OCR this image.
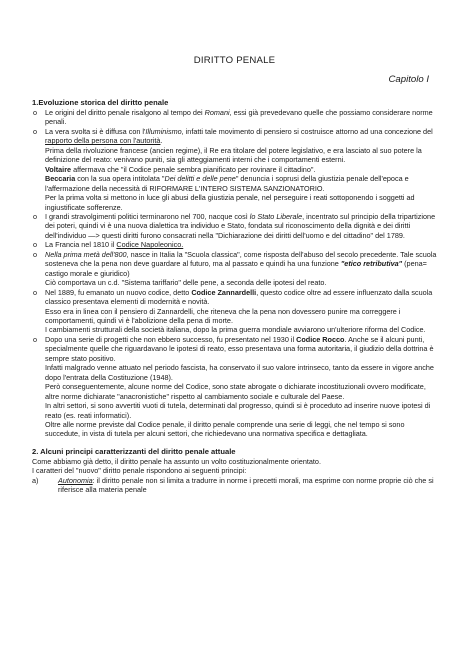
DIRITTO PENALE
Capitolo I
1.Evoluzione storica del diritto penale
o Le origini del diritto penale risalgono al tempo dei Romani, essi già prevedevano quelle che possiamo considerare norme penali.
o La vera svolta si è diffusa con l'Illuminismo, infatti tale movimento di pensiero si costruisce attorno ad una concezione del rapporto della persona con l'autorità.
Prima della rivoluzione francese (ancien regime), il Re era titolare del potere legislativo, e era lasciato al suo potere la definizione del reato: venivano puniti, sia gli atteggiamenti interni che i comportamenti esterni.
Voltaire affermava che "il Codice penale sembra pianificato per rovinare il cittadino".
Beccaria con la sua opera intitolata "Dei delitti e delle pene" denuncia i soprusi della giustizia penale dell'epoca e l'affermazione della necessità di RIFORMARE L'INTERO SISTEMA SANZIONATORIO.
Per la prima volta si mettono in luce gli abusi della giustizia penale, nel perseguire i reati sottoponendo i soggetti ad ingiustificate sofferenze.
o I grandi stravolgimenti politici terminarono nel 700, nacque così lo Stato Liberale, incentrato sul principio della tripartizione dei poteri, quindi vi è una nuova dialettica tra individuo e Stato, fondata sul riconoscimento della dignità e dei diritti dell'individuo —> questi diritti furono consacrati nella "Dichiarazione dei diritti dell'uomo e del cittadino" del 1789.
o La Francia nel 1810 il Codice Napoleonico.
o Nella prima metà dell'800, nasce in Italia la "Scuola classica", come risposta dell'abuso del secolo precedente. Tale scuola sosteneva che la pena non deve guardare al futuro, ma al passato e quindi ha una funzione "etico retributiva" (pena= castigo morale e giuridico)
Ciò comportava un c.d. "Sistema tariffario" delle pene, a seconda delle ipotesi del reato.
o Nel 1889, fu emanato un nuovo codice, detto Codice Zannardelli, questo codice oltre ad essere influenzato dalla scuola classico presentava elementi di modernità e novità.
Esso era in linea con il pensiero di Zannardelli, che riteneva che la pena non dovessero punire ma correggere i comportamenti, quindi vi è l'abolizione della pena di morte.
I cambiamenti strutturali della società italiana, dopo la prima guerra mondiale avviarono un'ulteriore riforma del Codice.
o Dopo una serie di progetti che non ebbero successo, fu presentato nel 1930 il Codice Rocco. Anche se il alcuni punti, specialmente quelle che riguardavano le ipotesi di reato, esso presentava una forma autoritaria, il giudizio della dottrina è sempre stato positivo.
Infatti malgrado venne attuato nel periodo fascista, ha conservato il suo valore intrinseco, tanto da essere in vigore anche dopo l'entrata della Costituzione (1948).
Però conseguentemente, alcune norme del Codice, sono state abrogate o dichiarate incostituzionali ovvero modificate, altre norme dichiarate "anacronistiche" rispetto al cambiamento sociale e culturale del Paese.
In altri settori, si sono avvertiti vuoti di tutela, determinati dal progresso, quindi si è proceduto ad inserire nuove ipotesi di reato (es. reati informatici).
Oltre alle norme previste dal Codice penale, il diritto penale comprende una serie di leggi, che nel tempo si sono succedute, in vista di tutela per alcuni settori, che richiedevano una normativa specifica e dettagliata.
2. Alcuni principi caratterizzanti del diritto penale attuale
Come abbiamo già detto, il diritto penale ha assunto un volto costituzionalmente orientato.
I caratteri del "nuovo" diritto penale rispondono ai seguenti principi:
a)	Autonomia: il diritto penale non si limita a tradurre in norme i precetti morali, ma esprime con norme proprie ciò che si riferisce alla materia penale
